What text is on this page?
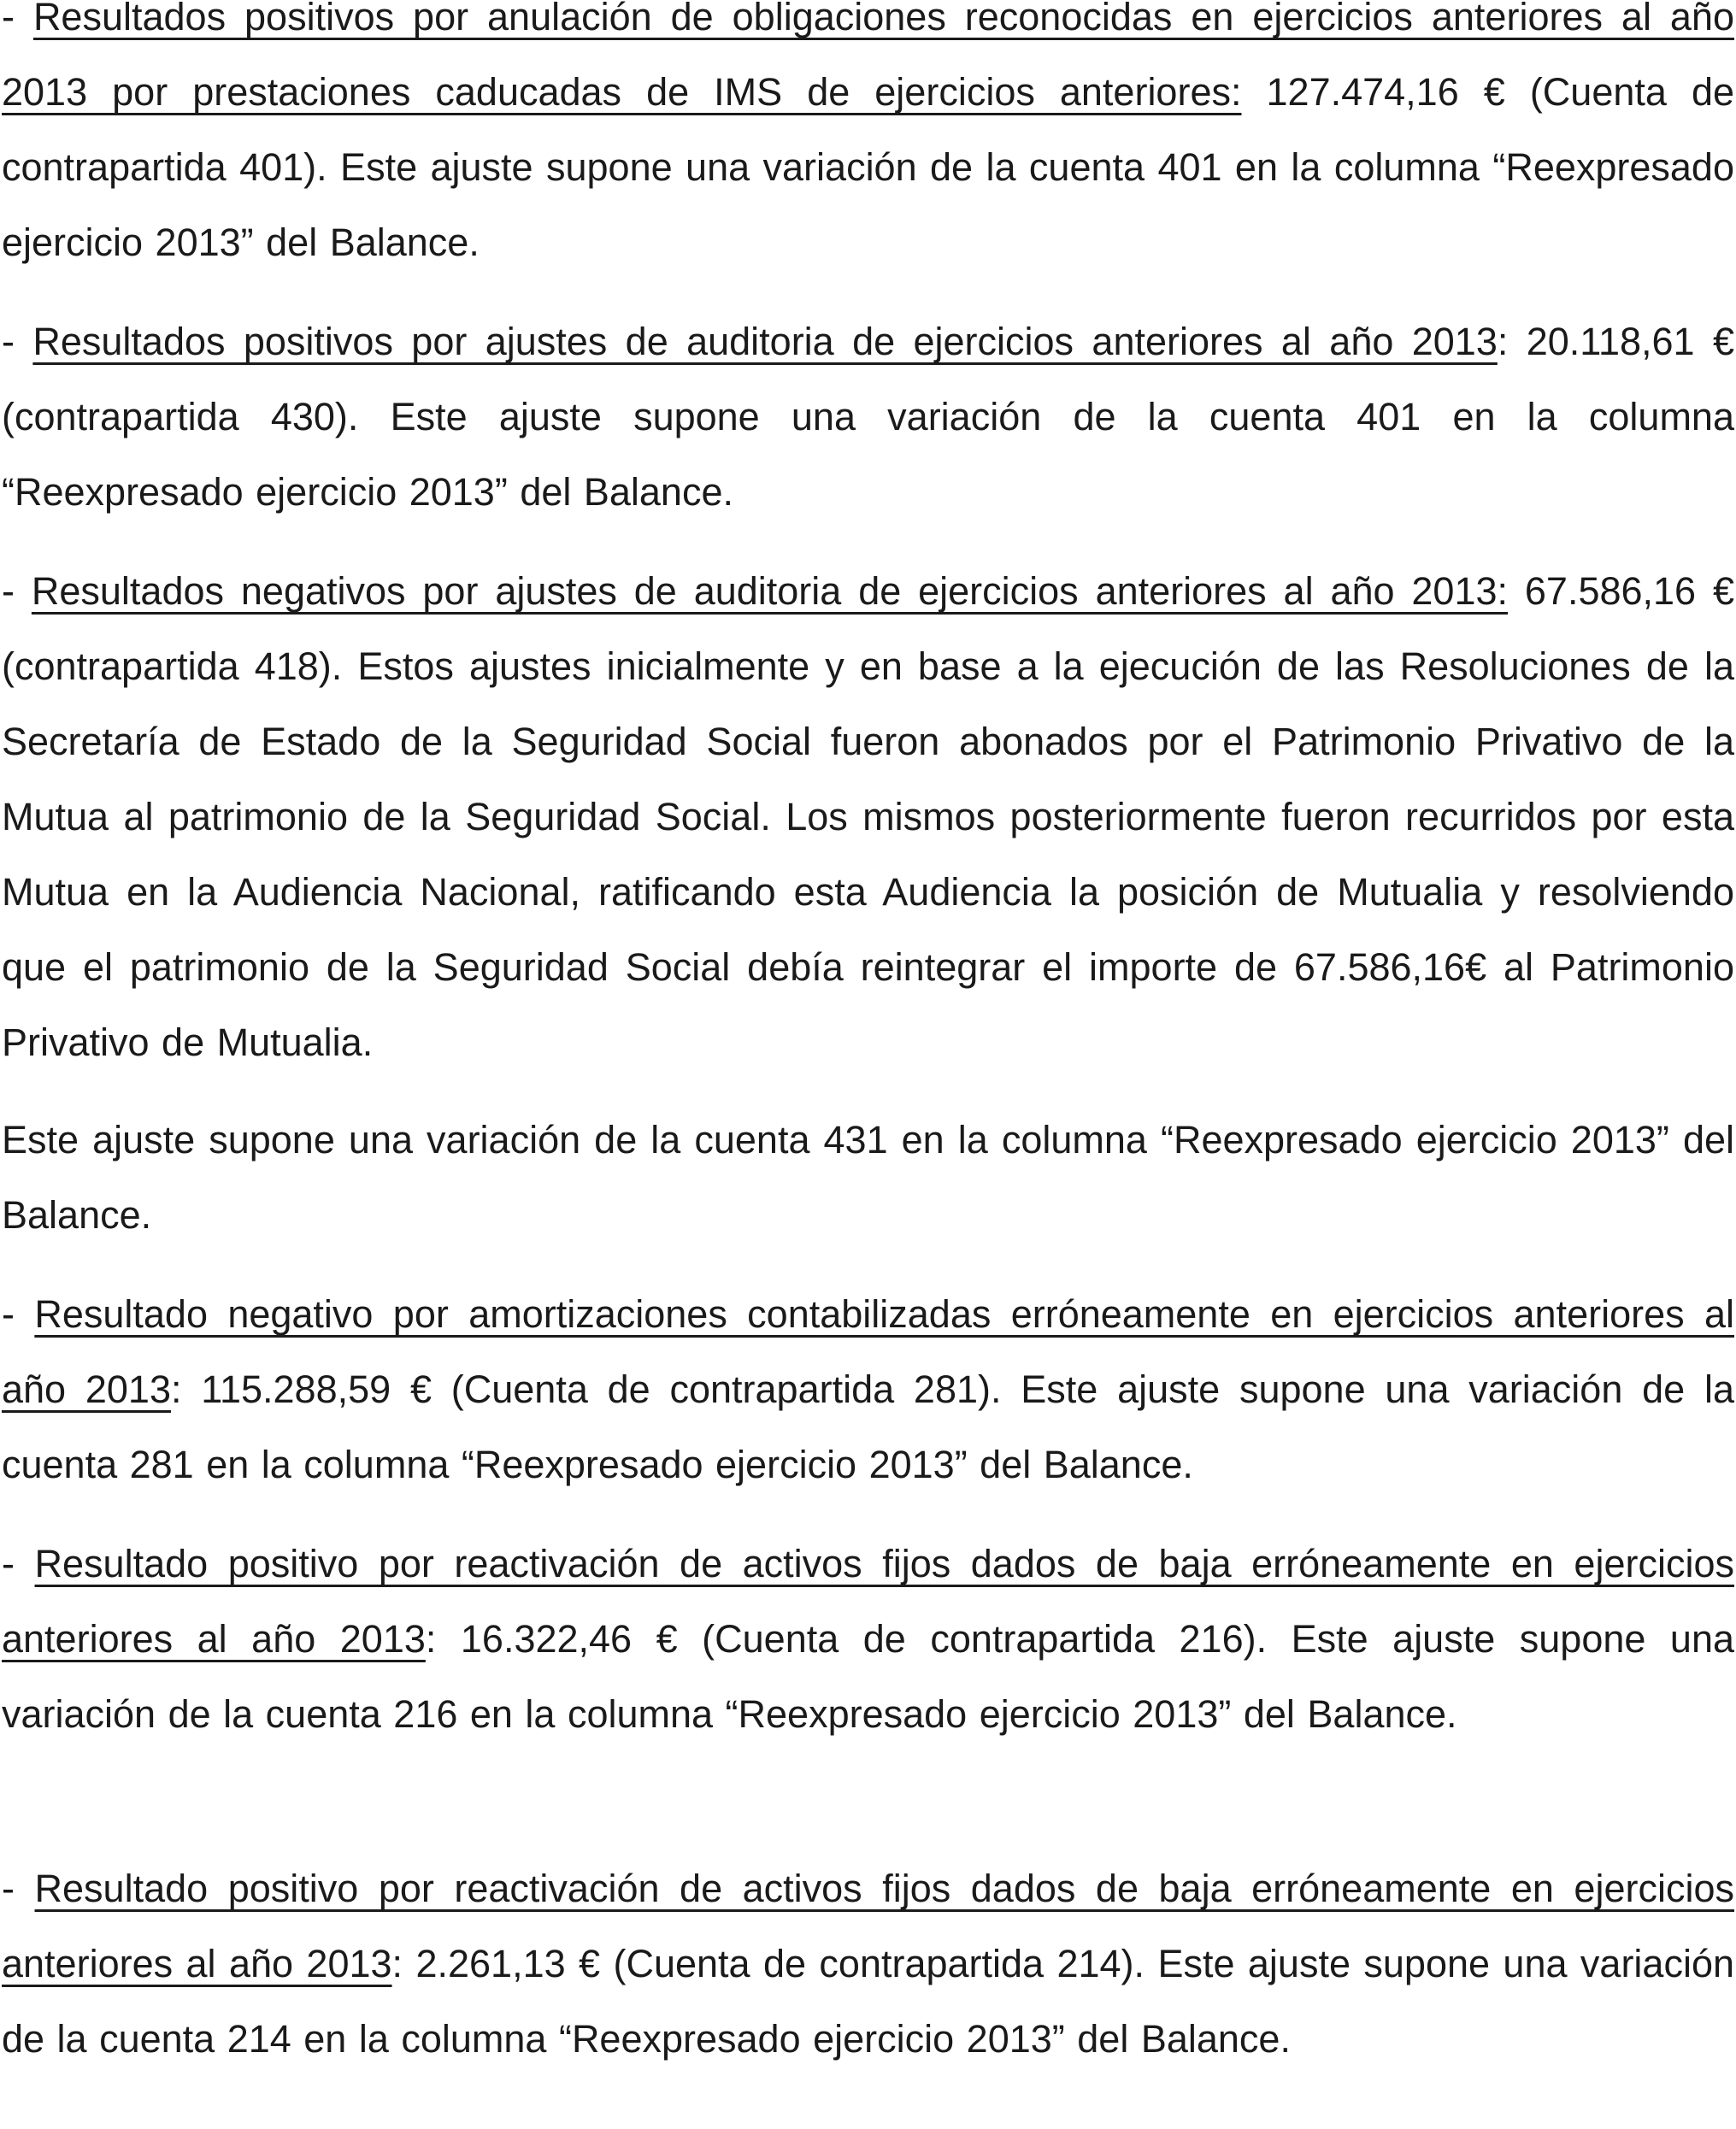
- Resultados positivos por anulación de obligaciones reconocidas en ejercicios anteriores al año 2013 por prestaciones caducadas de IMS de ejercicios anteriores: 127.474,16 € (Cuenta de contrapartida 401). Este ajuste supone una variación de la cuenta 401 en la columna “Reexpresado ejercicio 2013” del Balance.

- Resultados positivos por ajustes de auditoria de ejercicios anteriores al año 2013: 20.118,61 € (contrapartida 430). Este ajuste supone una variación de la cuenta 401 en la columna “Reexpresado ejercicio 2013” del Balance.

- Resultados negativos por ajustes de auditoria de ejercicios anteriores al año 2013: 67.586,16 € (contrapartida 418). Estos ajustes inicialmente y en base a la ejecución de las Resoluciones de la Secretaría de Estado de la Seguridad Social fueron abonados por el Patrimonio Privativo de la Mutua al patrimonio de la Seguridad Social. Los mismos posteriormente fueron recurridos por esta Mutua en la Audiencia Nacional, ratificando esta Audiencia la posición de Mutualia y resolviendo que el patrimonio de la Seguridad Social debía reintegrar el importe de 67.586,16€ al Patrimonio Privativo de Mutualia.

Este ajuste supone una variación de la cuenta 431 en la columna “Reexpresado ejercicio 2013” del Balance.

- Resultado negativo por amortizaciones contabilizadas erróneamente en ejercicios anteriores al año 2013: 115.288,59 € (Cuenta de contrapartida 281). Este ajuste supone una variación de la cuenta 281 en la columna “Reexpresado ejercicio 2013” del Balance.

- Resultado positivo por reactivación de activos fijos dados de baja erróneamente en ejercicios anteriores al año 2013: 16.322,46 € (Cuenta de contrapartida 216). Este ajuste supone una variación de la cuenta 216 en la columna “Reexpresado ejercicio 2013” del Balance.

- Resultado positivo por reactivación de activos fijos dados de baja erróneamente en ejercicios anteriores al año 2013: 2.261,13 € (Cuenta de contrapartida 214). Este ajuste supone una variación de la cuenta 214 en la columna “Reexpresado ejercicio 2013” del Balance.
